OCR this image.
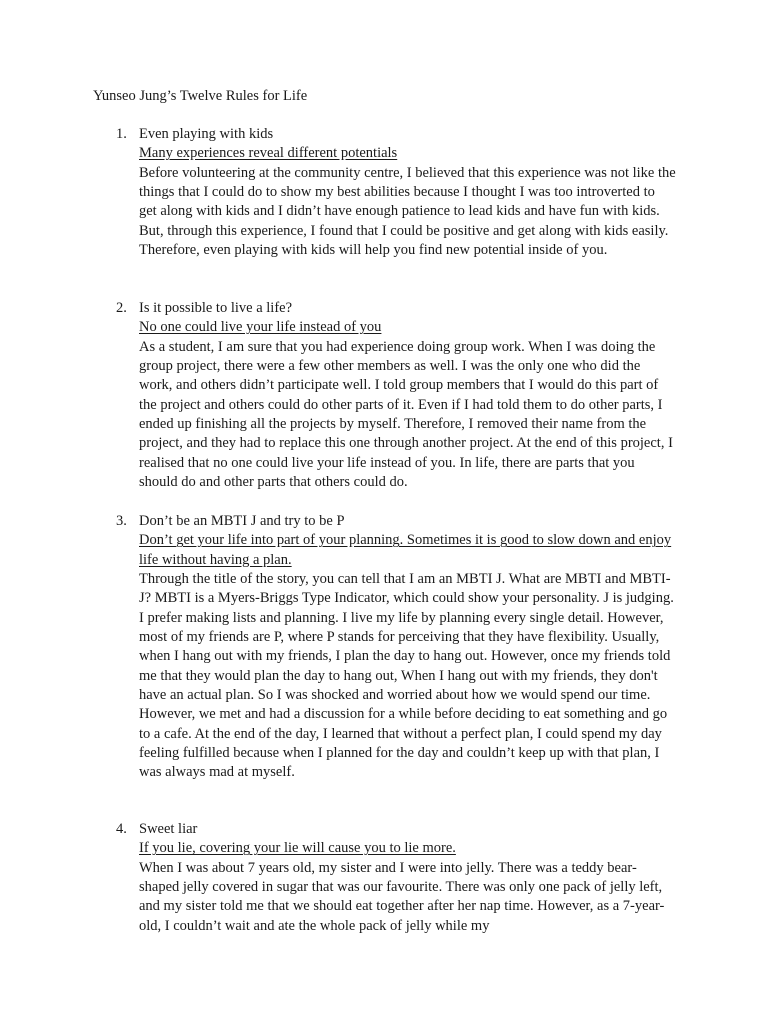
Yunseo Jung’s Twelve Rules for Life
1. Even playing with kids
Many experiences reveal different potentials
Before volunteering at the community centre, I believed that this experience was not like the things that I could do to show my best abilities because I thought I was too introverted to get along with kids and I didn’t have enough patience to lead kids and have fun with kids. But, through this experience, I found that I could be positive and get along with kids easily. Therefore, even playing with kids will help you find new potential inside of you.
2. Is it possible to live a life?
No one could live your life instead of you
As a student, I am sure that you had experience doing group work. When I was doing the group project, there were a few other members as well. I was the only one who did the work, and others didn’t participate well. I told group members that I would do this part of the project and others could do other parts of it. Even if I had told them to do other parts, I ended up finishing all the projects by myself. Therefore, I removed their name from the project, and they had to replace this one through another project. At the end of this project, I realised that no one could live your life instead of you. In life, there are parts that you should do and other parts that others could do.
3. Don’t be an MBTI J and try to be P
Don’t get your life into part of your planning. Sometimes it is good to slow down and enjoy life without having a plan.
Through the title of the story, you can tell that I am an MBTI J. What are MBTI and MBTI-J? MBTI is a Myers-Briggs Type Indicator, which could show your personality. J is judging. I prefer making lists and planning. I live my life by planning every single detail. However, most of my friends are P, where P stands for perceiving that they have flexibility. Usually, when I hang out with my friends, I plan the day to hang out. However, once my friends told me that they would plan the day to hang out, When I hang out with my friends, they don't have an actual plan. So I was shocked and worried about how we would spend our time. However, we met and had a discussion for a while before deciding to eat something and go to a cafe. At the end of the day, I learned that without a perfect plan, I could spend my day feeling fulfilled because when I planned for the day and couldn’t keep up with that plan, I was always mad at myself.
4. Sweet liar
If you lie, covering your lie will cause you to lie more.
When I was about 7 years old, my sister and I were into jelly. There was a teddy bear-shaped jelly covered in sugar that was our favourite. There was only one pack of jelly left, and my sister told me that we should eat together after her nap time. However, as a 7-year-old, I couldn’t wait and ate the whole pack of jelly while my
